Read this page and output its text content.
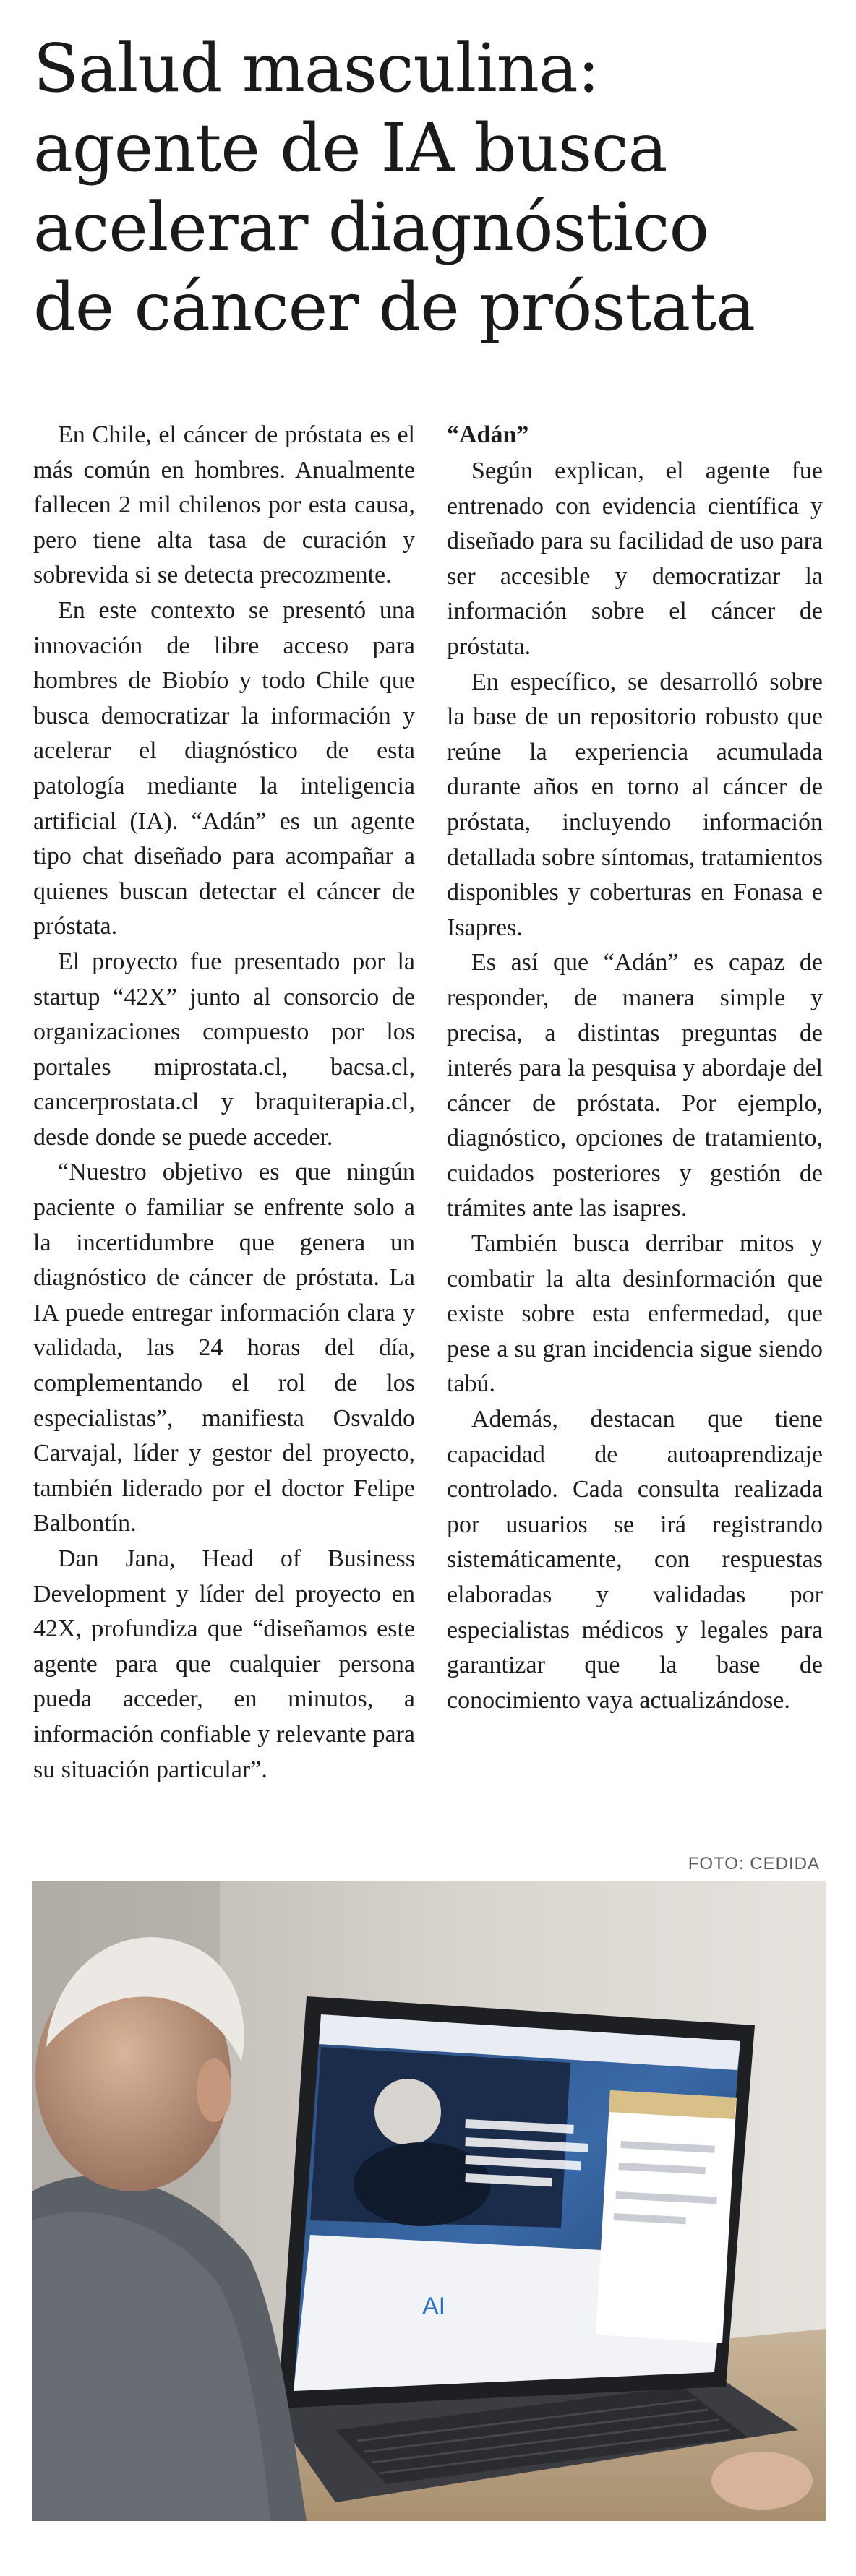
Salud masculina:
agente de IA busca
acelerar diagnóstico
de cáncer de próstata

En Chile, el cáncer de próstata es el más común en hombres. Anualmente fallecen 2 mil chilenos por esta causa, pero tiene alta tasa de curación y sobrevida si se detecta precozmente.

En este contexto se presentó una innovación de libre acceso para hombres de Biobío y todo Chile que busca democratizar la información y acelerar el diagnóstico de esta patología mediante la inteligencia artificial (IA). “Adán” es un agente tipo chat diseñado para acompañar a quienes buscan detectar el cáncer de próstata.

El proyecto fue presentado por la startup “42X” junto al consorcio de organizaciones compuesto por los portales miprostata.cl, bacsa.cl, cancerprostata.cl y braquiterapia.cl, desde donde se puede acceder.

“Nuestro objetivo es que ningún paciente o familiar se enfrente solo a la incertidumbre que genera un diagnóstico de cáncer de próstata. La IA puede entregar información clara y validada, las 24 horas del día, complementando el rol de los especialistas”, manifiesta Osvaldo Carvajal, líder y gestor del proyecto, también liderado por el doctor Felipe Balbontín.

Dan Jana, Head of Business Development y líder del proyecto en 42X, profundiza que “diseñamos este agente para que cualquier persona pueda acceder, en minutos, a información confiable y relevante para su situación particular”.

“Adán”

Según explican, el agente fue entrenado con evidencia científica y diseñado para su facilidad de uso para ser accesible y democratizar la información sobre el cáncer de próstata.

En específico, se desarrolló sobre la base de un repositorio robusto que reúne la experiencia acumulada durante años en torno al cáncer de próstata, incluyendo información detallada sobre síntomas, tratamientos disponibles y coberturas en Fonasa e Isapres.

Es así que “Adán” es capaz de responder, de manera simple y precisa, a distintas preguntas de interés para la pesquisa y abordaje del cáncer de próstata. Por ejemplo, diagnóstico, opciones de tratamiento, cuidados posteriores y gestión de trámites ante las isapres.

También busca derribar mitos y combatir la alta desinformación que existe sobre esta enfermedad, que pese a su gran incidencia sigue siendo tabú.

Además, destacan que tiene capacidad de autoaprendizaje controlado. Cada consulta realizada por usuarios se irá registrando sistemáticamente, con respuestas elaboradas y validadas por especialistas médicos y legales para garantizar que la base de conocimiento vaya actualizándose.

FOTO: CEDIDA
AI
